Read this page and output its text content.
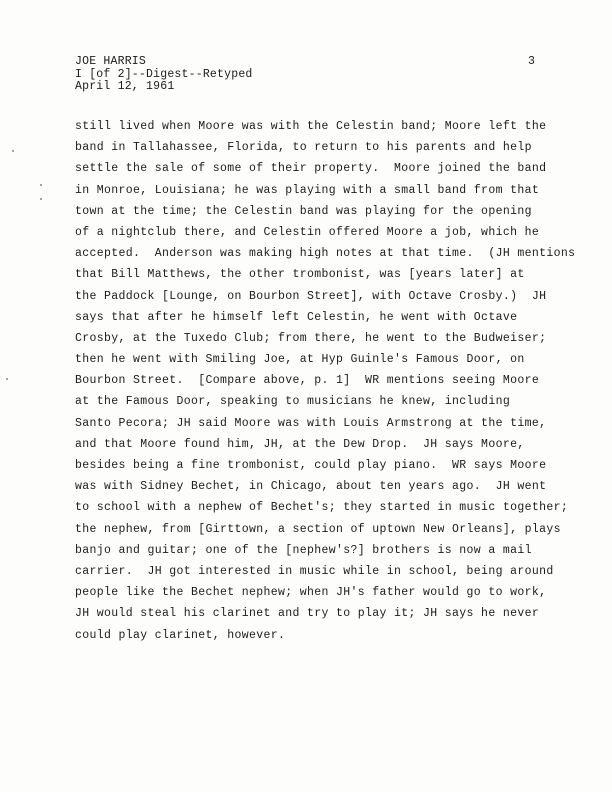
JOE HARRIS
I [of 2]--Digest--Retyped
April 12, 1961
3
still lived when Moore was with the Celestin band; Moore left the
band in Tallahassee, Florida, to return to his parents and help
settle the sale of some of their property.  Moore joined the band
in Monroe, Louisiana; he was playing with a small band from that
town at the time; the Celestin band was playing for the opening
of a nightclub there, and Celestin offered Moore a job, which he
accepted.  Anderson was making high notes at that time.  (JH mentions
that Bill Matthews, the other trombonist, was [years later] at
the Paddock [Lounge, on Bourbon Street], with Octave Crosby.)  JH
says that after he himself left Celestin, he went with Octave
Crosby, at the Tuxedo Club; from there, he went to the Budweiser;
then he went with Smiling Joe, at Hyp Guinle's Famous Door, on
Bourbon Street.  [Compare above, p. 1]  WR mentions seeing Moore
at the Famous Door, speaking to musicians he knew, including
Santo Pecora; JH said Moore was with Louis Armstrong at the time,
and that Moore found him, JH, at the Dew Drop.  JH says Moore,
besides being a fine trombonist, could play piano.  WR says Moore
was with Sidney Bechet, in Chicago, about ten years ago.  JH went
to school with a nephew of Bechet's; they started in music together;
the nephew, from [Girttown, a section of uptown New Orleans], plays
banjo and guitar; one of the [nephew's?] brothers is now a mail
carrier.  JH got interested in music while in school, being around
people like the Bechet nephew; when JH's father would go to work,
JH would steal his clarinet and try to play it; JH says he never
could play clarinet, however.
